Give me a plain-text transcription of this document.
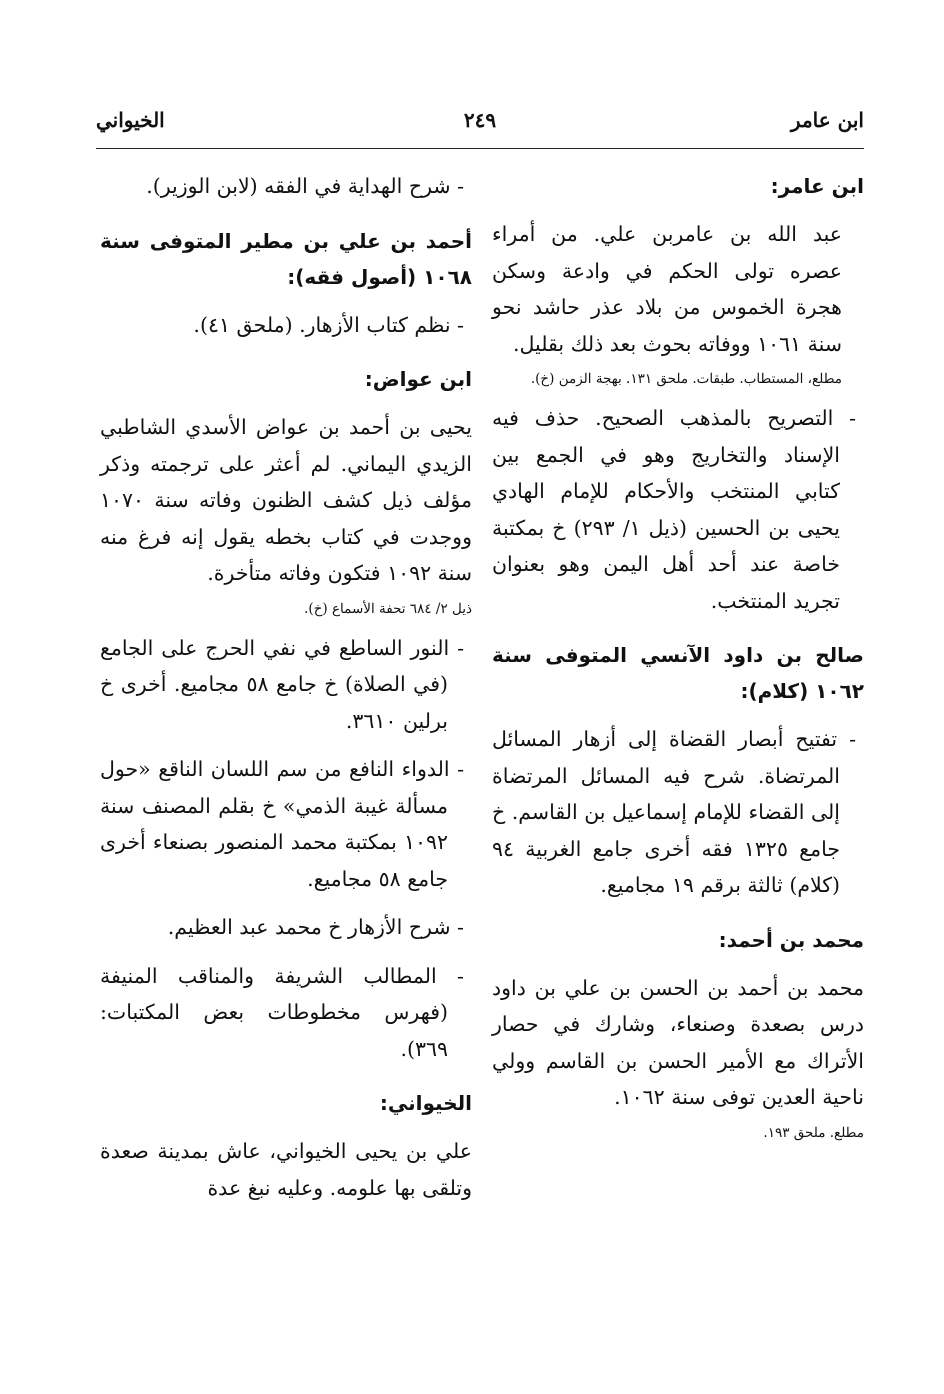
ابن عامر
٢٤٩
الخيواني

ابن عامر:

عبد الله بن عامربن علي. من أمراء عصره تولى الحكم في وادعة وسكن هجرة الخموس من بلاد عذر حاشد نحو سنة ١٠٦١ ووفاته بحوث بعد ذلك بقليل.

مطلع، المستطاب. طبقات. ملحق ١٣١. بهجة الزمن (خ).

- التصريح بالمذهب الصحيح. حذف فيه الإسناد والتخاريج وهو في الجمع بين كتابي المنتخب والأحكام للإمام الهادي يحيى بن الحسين (ذيل ١/ ٢٩٣) خ بمكتبة خاصة عند أحد أهل اليمن وهو بعنوان تجريد المنتخب.

صالح بن داود الآنسي المتوفى سنة ١٠٦٢ (كلام):

- تفتيح أبصار القضاة إلى أزهار المسائل المرتضاة. شرح فيه المسائل المرتضاة إلى القضاء للإمام إسماعيل بن القاسم. خ جامع ١٣٢٥ فقه أخرى جامع الغربية ٩٤ (كلام) ثالثة برقم ١٩ مجاميع.

محمد بن أحمد:

محمد بن أحمد بن الحسن بن علي بن داود درس بصعدة وصنعاء، وشارك في حصار الأتراك مع الأمير الحسن بن القاسم وولي ناحية العدين توفى سنة ١٠٦٢.

مطلع. ملحق ١٩٣.

- شرح الهداية في الفقه (لابن الوزير).

أحمد بن علي بن مطير المتوفى سنة ١٠٦٨ (أصول فقه):

- نظم كتاب الأزهار. (ملحق ٤١).

ابن عواض:

يحيى بن أحمد بن عواض الأسدي الشاطبي الزيدي اليماني. لم أعثر على ترجمته وذكر مؤلف ذيل كشف الظنون وفاته سنة ١٠٧٠ ووجدت في كتاب بخطه يقول إنه فرغ منه سنة ١٠٩٢ فتكون وفاته متأخرة.

ذيل ٢/ ٦٨٤ تحفة الأسماع (خ).

- النور الساطع في نفي الحرج على الجامع (في الصلاة) خ جامع ٥٨ مجاميع. أخرى خ برلين ٣٦١٠.

- الدواء النافع من سم اللسان الناقع «حول مسألة غيبة الذمي» خ بقلم المصنف سنة ١٠٩٢ بمكتبة محمد المنصور بصنعاء أخرى جامع ٥٨ مجاميع.

- شرح الأزهار خ محمد عبد العظيم.

- المطالب الشريفة والمناقب المنيفة (فهرس مخطوطات بعض المكتبات: ٣٦٩).

الخيواني:

علي بن يحيى الخيواني، عاش بمدينة صعدة وتلقى بها علومه. وعليه نبغ عدة
